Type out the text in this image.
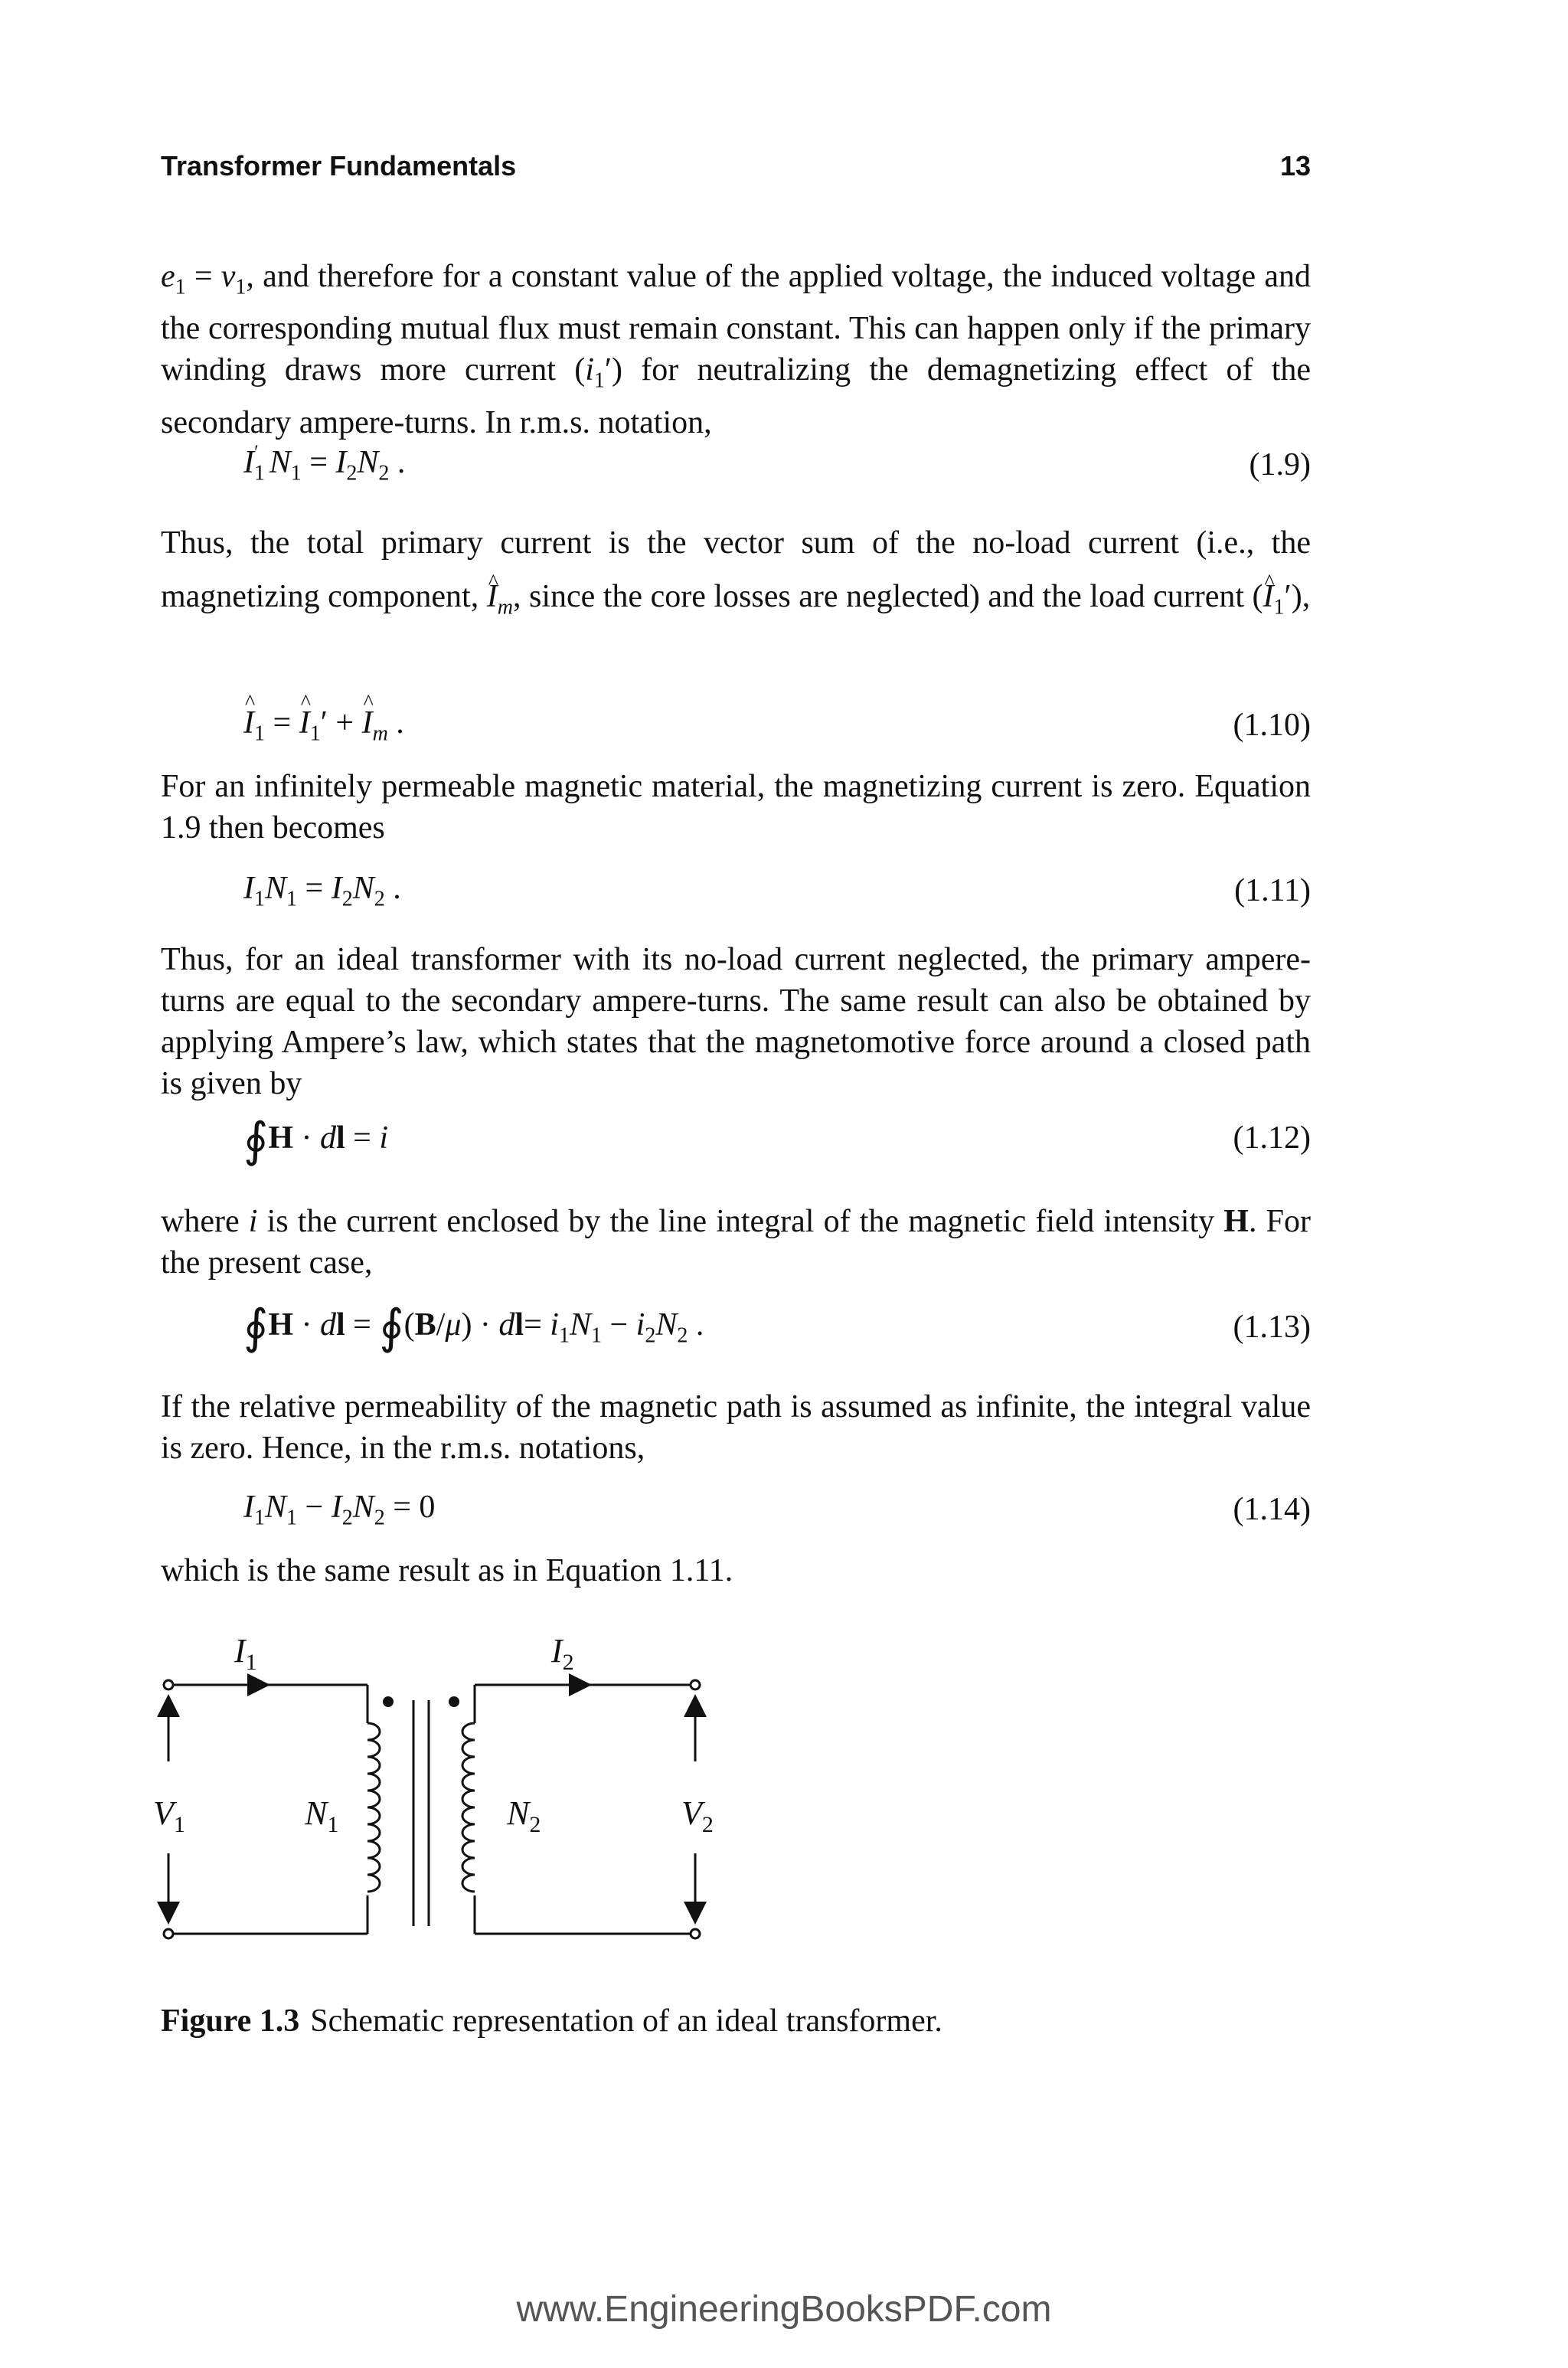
Transformer Fundamentals	13
$e_1 = v_1$, and therefore for a constant value of the applied voltage, the induced voltage and the corresponding mutual flux must remain constant. This can happen only if the primary winding draws more current $(i_1')$ for neutralizing the demagnetizing effect of the secondary ampere-turns. In r.m.s. notation,
$I_1'$ $N_1 = I_2N_2$ .	(1.9)
Thus, the total primary current is the vector sum of the no-load current (i.e., the magnetizing component, ^ $I_m$, since the core losses are neglected) and the load current (^ $I_1'$),
^ $I_1$ = ^ $I_1'$ + ^ $I_m$ .	(1.10)
For an infinitely permeable magnetic material, the magnetizing current is zero. Equation 1.9 then becomes
$I_1N_1 = I_2N_2$ .	(1.11)
Thus, for an ideal transformer with its no-load current neglected, the primary ampere-turns are equal to the secondary ampere-turns. The same result can also be obtained by applying Ampere’s law, which states that the magnetomotive force around a closed path is given by
∮H · dl = i	(1.12)
where i is the current enclosed by the line integral of the magnetic field intensity H. For the present case,
∮H · dl = ∮(B/μ) · $dl= i_1N_1 - i_2N_2$ .	(1.13)
If the relative permeability of the magnetic path is assumed as infinite, the integral value is zero. Hence, in the r.m.s. notations,
$I_1N_1 - I_2N_2 = 0$	(1.14)
which is the same result as in Equation 1.11.
$I_1$	$I_2$
$V_1$	$V_2$
$N_1$	$N_2$
Figure 1.3 Schematic representation of an ideal transformer.
www.EngineeringBooksPDF.com
